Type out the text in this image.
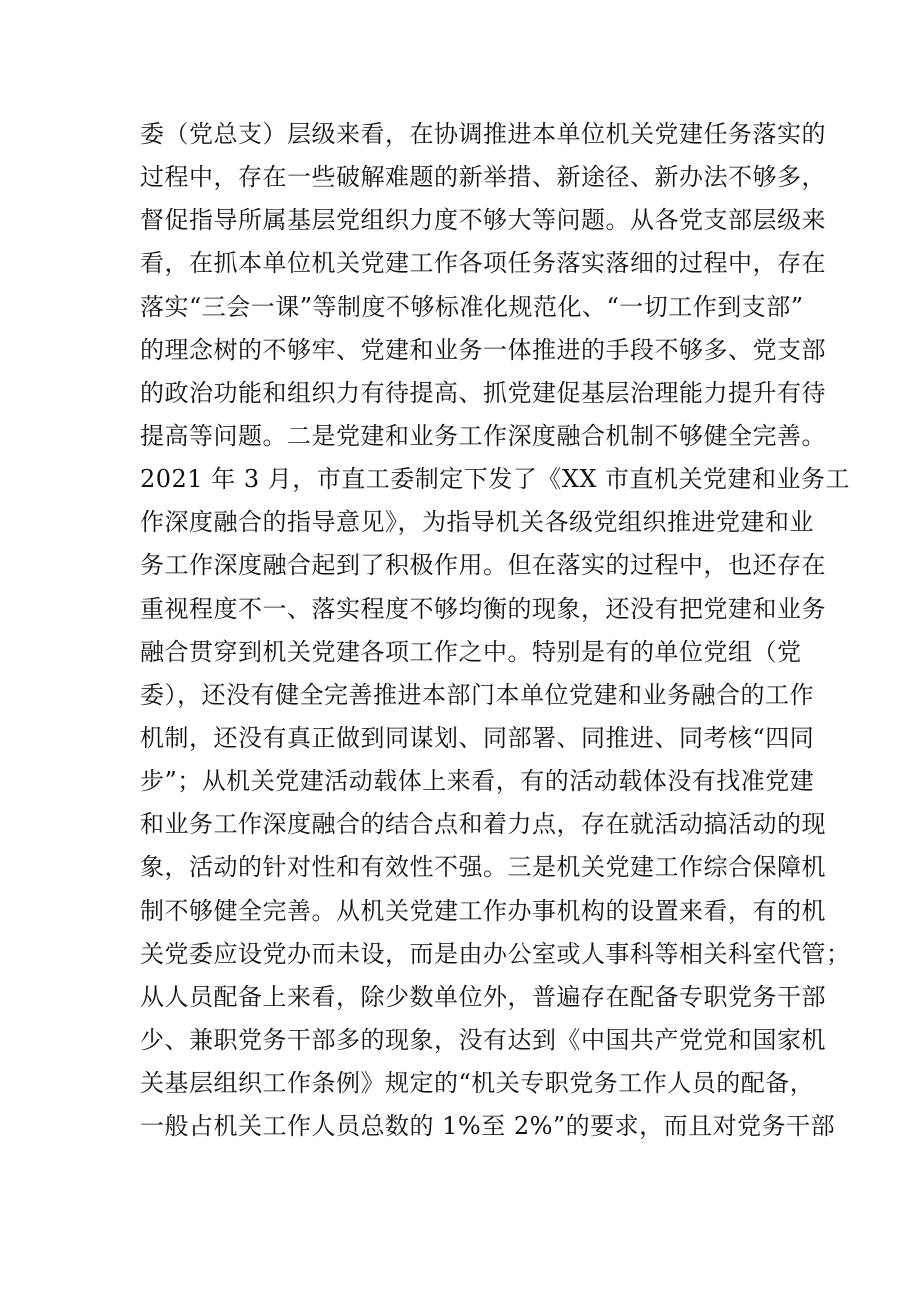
委（党总支）层级来看，在协调推进本单位机关党建任务落实的
过程中，存在一些破解难题的新举措、新途径、新办法不够多，
督促指导所属基层党组织力度不够大等问题。从各党支部层级来
看，在抓本单位机关党建工作各项任务落实落细的过程中，存在
落实“三会一课”等制度不够标准化规范化、“一切工作到支部”
的理念树的不够牢、党建和业务一体推进的手段不够多、党支部
的政治功能和组织力有待提高、抓党建促基层治理能力提升有待
提高等问题。二是党建和业务工作深度融合机制不够健全完善。
2021 年 3 月，市直工委制定下发了《XX 市直机关党建和业务工
作深度融合的指导意见》，为指导机关各级党组织推进党建和业
务工作深度融合起到了积极作用。但在落实的过程中，也还存在
重视程度不一、落实程度不够均衡的现象，还没有把党建和业务
融合贯穿到机关党建各项工作之中。特别是有的单位党组（党
委），还没有健全完善推进本部门本单位党建和业务融合的工作
机制，还没有真正做到同谋划、同部署、同推进、同考核“四同
步”；从机关党建活动载体上来看，有的活动载体没有找准党建
和业务工作深度融合的结合点和着力点，存在就活动搞活动的现
象，活动的针对性和有效性不强。三是机关党建工作综合保障机
制不够健全完善。从机关党建工作办事机构的设置来看，有的机
关党委应设党办而未设，而是由办公室或人事科等相关科室代管；
从人员配备上来看，除少数单位外，普遍存在配备专职党务干部
少、兼职党务干部多的现象，没有达到《中国共产党党和国家机
关基层组织工作条例》规定的“机关专职党务工作人员的配备，
一般占机关工作人员总数的 1%至 2%”的要求，而且对党务干部
